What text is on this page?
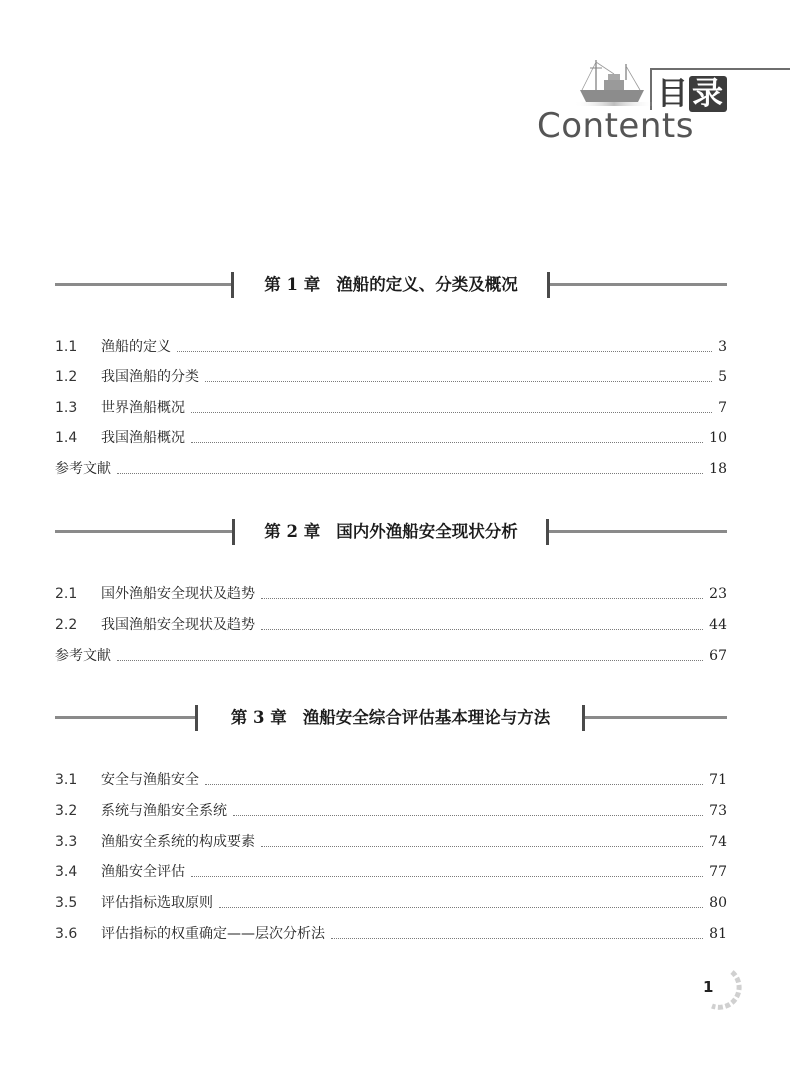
目录
Contents
第 1 章 渔船的定义、分类及概况
1.1	渔船的定义	3
1.2	我国渔船的分类	5
1.3	世界渔船概况	7
1.4	我国渔船概况	10
参考文献	18
第 2 章 国内外渔船安全现状分析
2.1	国外渔船安全现状及趋势	23
2.2	我国渔船安全现状及趋势	44
参考文献	67
第 3 章 渔船安全综合评估基本理论与方法
3.1	安全与渔船安全	71
3.2	系统与渔船安全系统	73
3.3	渔船安全系统的构成要素	74
3.4	渔船安全评估	77
3.5	评估指标选取原则	80
3.6	评估指标的权重确定——层次分析法	81
1
